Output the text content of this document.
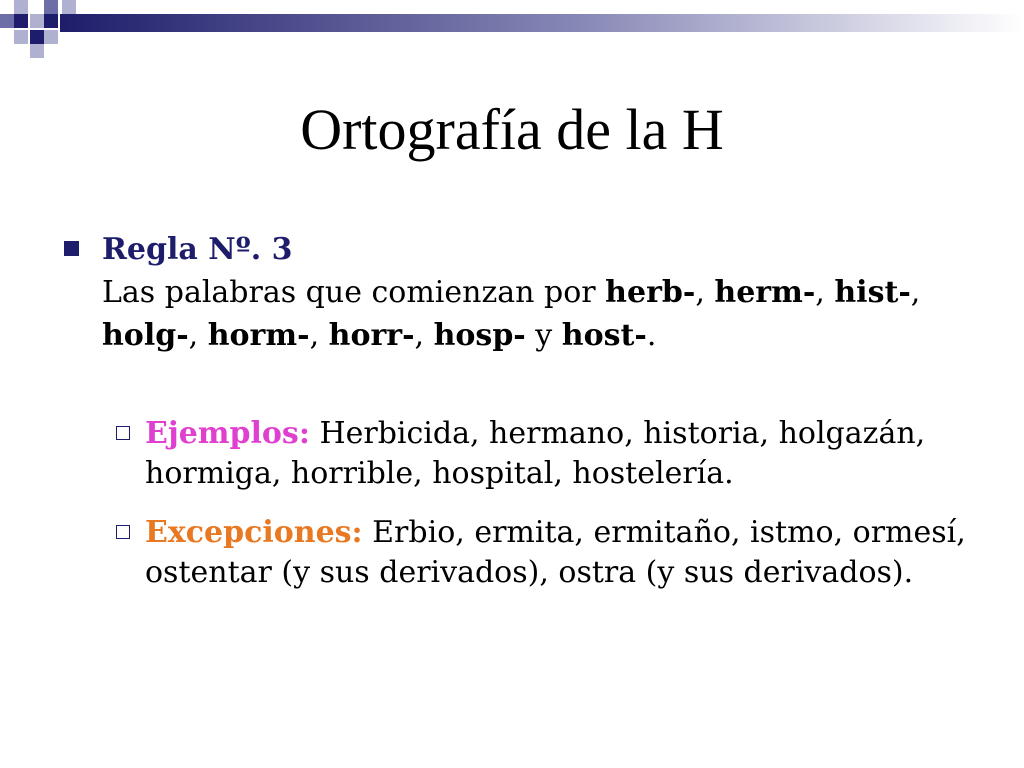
Ortografía de la H
Regla Nº. 3
Las palabras que comienzan por herb-, herm-, hist-, holg-, horm-, horr-, hosp- y host-.
Ejemplos: Herbicida, hermano, historia, holgazán, hormiga, horrible, hospital, hostelería.
Excepciones: Erbio, ermita, ermitaño, istmo, ormesí, ostentar (y sus derivados), ostra (y sus derivados).
